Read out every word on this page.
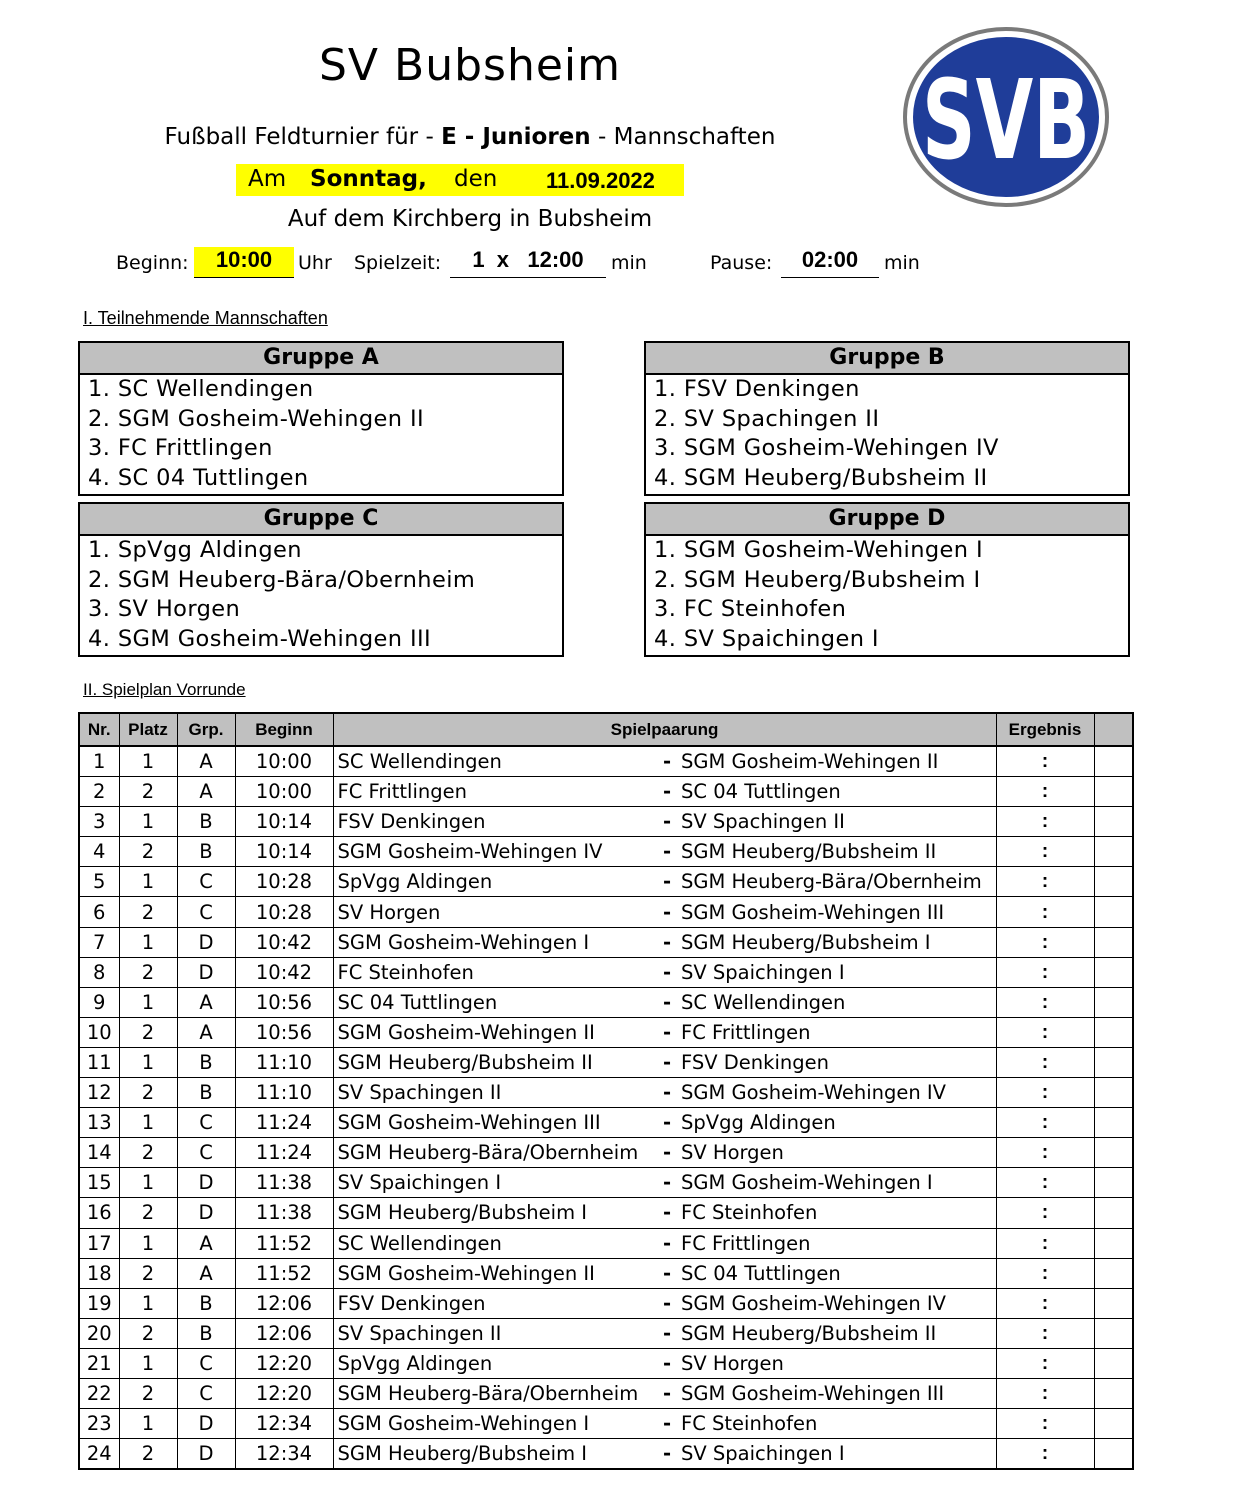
SV Bubsheim
Fußball Feldturnier für - E - Junioren - Mannschaften
Am Sonntag, den 11.09.2022
Auf dem Kirchberg in Bubsheim
Beginn:	10:00	Uhr Spielzeit:	1  x   12:00	min	Pause:	02:00	min
SVB
I. Teilnehmende Mannschaften
Gruppe A
1. SC Wellendingen
2. SGM Gosheim-Wehingen II
3. FC Frittlingen
4. SC 04 Tuttlingen
Gruppe B
1. FSV Denkingen
2. SV Spachingen II
3. SGM Gosheim-Wehingen IV
4. SGM Heuberg/Bubsheim II
Gruppe C
1. SpVgg Aldingen
2. SGM Heuberg-Bära/Obernheim
3. SV Horgen
4. SGM Gosheim-Wehingen III
Gruppe D
1. SGM Gosheim-Wehingen I
2. SGM Heuberg/Bubsheim I
3. FC Steinhofen
4. SV Spaichingen I
II. Spielplan Vorrunde
Nr.	Platz	Grp.	Beginn	Spielpaarung		Ergebnis	
1	1	A	10:00	SC Wellendingen	- SGM Gosheim-Wehingen II	:	
2	2	A	10:00	FC Frittlingen	- SC 04 Tuttlingen	:	
3	1	B	10:14	FSV Denkingen	- SV Spachingen II	:	
4	2	B	10:14	SGM Gosheim-Wehingen IV	- SGM Heuberg/Bubsheim II	:	
5	1	C	10:28	SpVgg Aldingen	- SGM Heuberg-Bära/Obernheim	:	
6	2	C	10:28	SV Horgen	- SGM Gosheim-Wehingen III	:	
7	1	D	10:42	SGM Gosheim-Wehingen I	- SGM Heuberg/Bubsheim I	:	
8	2	D	10:42	FC Steinhofen	- SV Spaichingen I	:	
9	1	A	10:56	SC 04 Tuttlingen	- SC Wellendingen	:	
10	2	A	10:56	SGM Gosheim-Wehingen II	- FC Frittlingen	:	
11	1	B	11:10	SGM Heuberg/Bubsheim II	- FSV Denkingen	:	
12	2	B	11:10	SV Spachingen II	- SGM Gosheim-Wehingen IV	:	
13	1	C	11:24	SGM Gosheim-Wehingen III	- SpVgg Aldingen	:	
14	2	C	11:24	SGM Heuberg-Bära/Obernheim	- SV Horgen	:	
15	1	D	11:38	SV Spaichingen I	- SGM Gosheim-Wehingen I	:	
16	2	D	11:38	SGM Heuberg/Bubsheim I	- FC Steinhofen	:	
17	1	A	11:52	SC Wellendingen	- FC Frittlingen	:	
18	2	A	11:52	SGM Gosheim-Wehingen II	- SC 04 Tuttlingen	:	
19	1	B	12:06	FSV Denkingen	- SGM Gosheim-Wehingen IV	:	
20	2	B	12:06	SV Spachingen II	- SGM Heuberg/Bubsheim II	:	
21	1	C	12:20	SpVgg Aldingen	- SV Horgen	:	
22	2	C	12:20	SGM Heuberg-Bära/Obernheim	- SGM Gosheim-Wehingen III	:	
23	1	D	12:34	SGM Gosheim-Wehingen I	- FC Steinhofen	:	
24	2	D	12:34	SGM Heuberg/Bubsheim I	- SV Spaichingen I	:	
